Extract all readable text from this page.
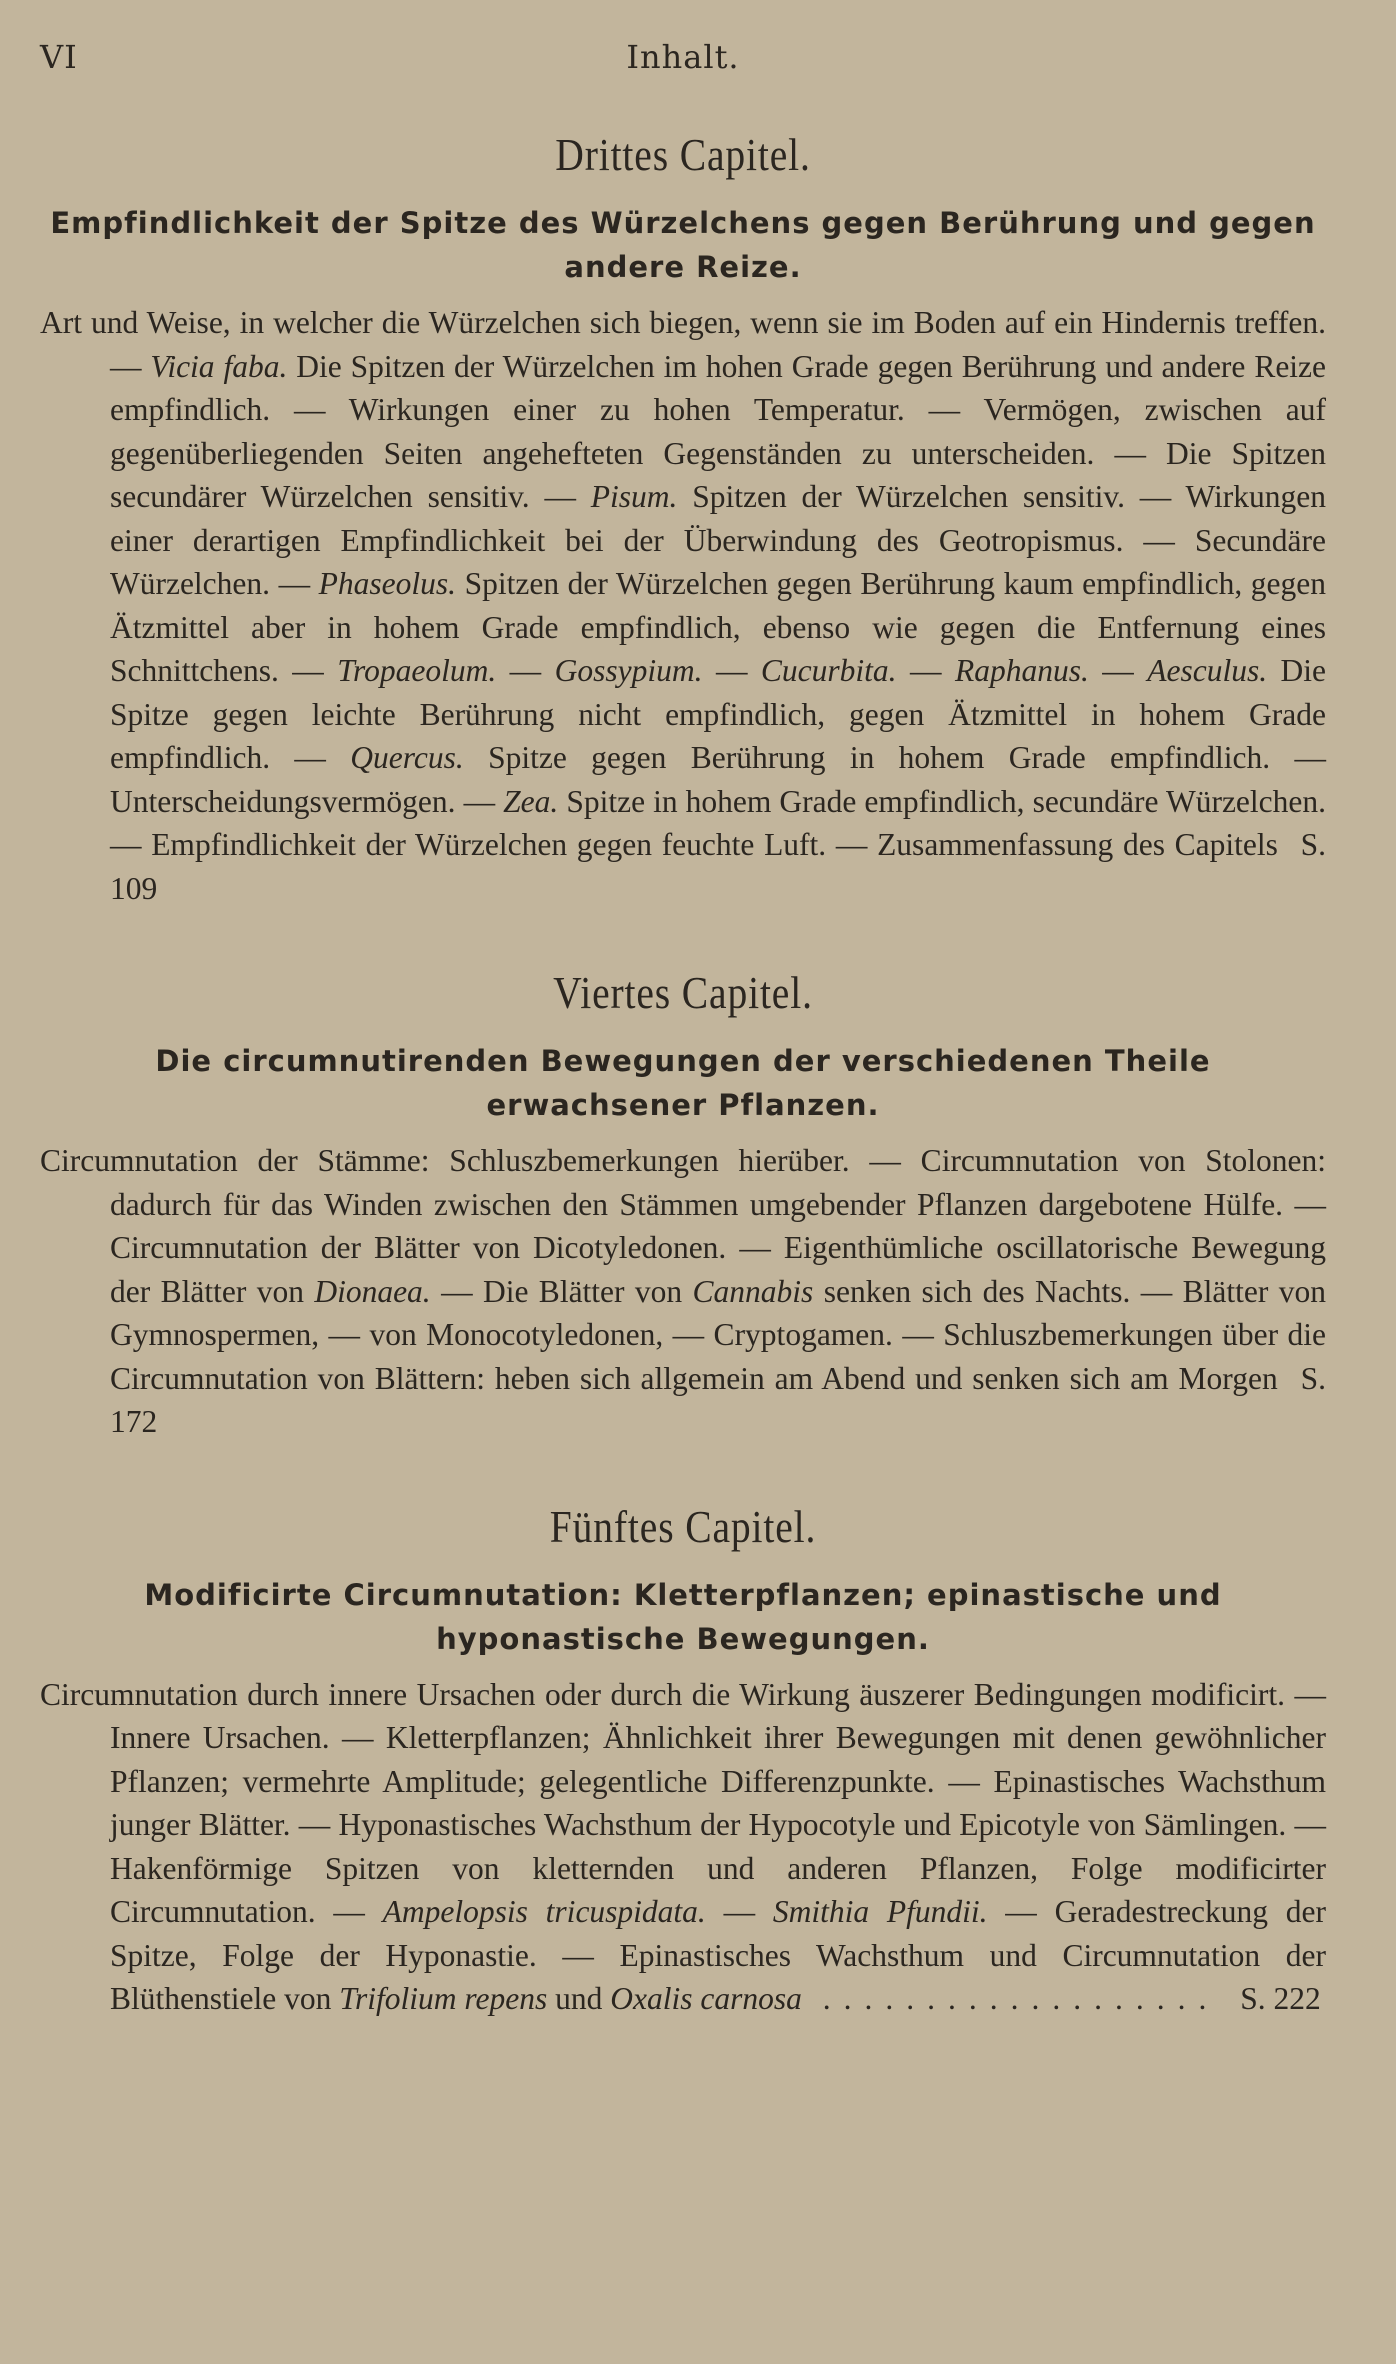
VI	Inhalt.
Drittes Capitel.
Empfindlichkeit der Spitze des Würzelchens gegen Berührung und gegen andere Reize.

Art und Weise, in welcher die Würzelchen sich biegen, wenn sie im Boden auf ein Hindernis treffen. — Vicia faba. Die Spitzen der Würzelchen im hohen Grade gegen Berührung und andere Reize empfindlich. — Wirkungen einer zu hohen Temperatur. — Vermögen, zwischen auf gegenüberliegenden Seiten angehefteten Gegenständen zu unterscheiden. — Die Spitzen secundärer Würzelchen sensitiv. — Pisum. Spitzen der Würzelchen sensitiv. — Wirkungen einer derartigen Empfindlichkeit bei der Überwindung des Geotropismus. — Secundäre Würzelchen. — Phaseolus. Spitzen der Würzelchen gegen Berührung kaum empfindlich, gegen Ätzmittel aber in hohem Grade empfindlich, ebenso wie gegen die Entfernung eines Schnittchens. — Tropaeolum. — Gossypium. — Cucurbita. — Raphanus. — Aesculus. Die Spitze gegen leichte Berührung nicht empfindlich, gegen Ätzmittel in hohem Grade empfindlich. — Quercus. Spitze gegen Berührung in hohem Grade empfindlich. — Unterscheidungsvermögen. — Zea. Spitze in hohem Grade empfindlich, secundäre Würzelchen. — Empfindlichkeit der Würzelchen gegen feuchte Luft. — Zusammenfassung des Capitels S. 109

Viertes Capitel.
Die circumnutirenden Bewegungen der verschiedenen Theile erwachsener Pflanzen.

Circumnutation der Stämme: Schluszbemerkungen hierüber. — Circumnutation von Stolonen: dadurch für das Winden zwischen den Stämmen umgebender Pflanzen dargebotene Hülfe. — Circumnutation der Blätter von Dicotyledonen. — Eigenthümliche oscillatorische Bewegung der Blätter von Dionaea. — Die Blätter von Cannabis senken sich des Nachts. — Blätter von Gymnospermen, — von Monocotyledonen, — Cryptogamen. — Schluszbemerkungen über die Circumnutation von Blättern: heben sich allgemein am Abend und senken sich am Morgen S. 172

Fünftes Capitel.
Modificirte Circumnutation: Kletterpflanzen; epinastische und hyponastische Bewegungen.

Circumnutation durch innere Ursachen oder durch die Wirkung äuszerer Bedingungen modificirt. — Innere Ursachen. — Kletterpflanzen; Ähnlichkeit ihrer Bewegungen mit denen gewöhnlicher Pflanzen; vermehrte Amplitude; gelegentliche Differenzpunkte. — Epinastisches Wachsthum junger Blätter. — Hyponastisches Wachsthum der Hypocotyle und Epicotyle von Sämlingen. — Hakenförmige Spitzen von kletternden und anderen Pflanzen, Folge modificirter Circumnutation. — Ampelopsis tricuspidata. — Smithia Pfundii. — Geradestreckung der Spitze, Folge der Hyponastie. — Epinastisches Wachsthum und Circumnutation der Blüthenstiele von Trifolium repens und Oxalis carnosa ................... S. 222
